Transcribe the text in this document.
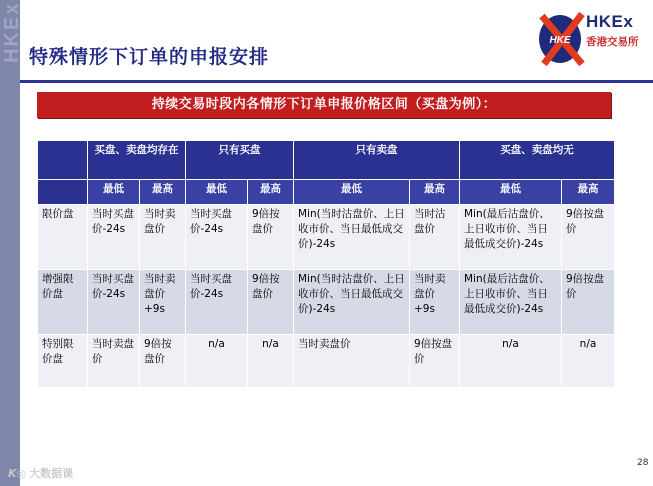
HKEx 特殊情形下订单的申报安排
HKE
HKEx
香港交易所
持续交易时段内各情形下订单申报价格区间（买盘为例）：
	买盘、卖盘均存在		只有买盘		只有卖盘		买盘、卖盘均无	
	最低	最高	最低	最高	最低	最高	最低	最高
限价盘	当时买盘价-24s	当时卖盘价	当时买盘价-24s	9倍按盘价	Min(当时沽盘价、上日收市价、当日最低成交价)-24s	当时沽盘价	Min(最后沽盘价、上日收市价、当日最低成交价)-24s	9倍按盘价
增强限价盘	当时买盘价-24s	当时卖盘价+9s	当时买盘价-24s	9倍按盘价	Min(当时沽盘价、上日收市价、当日最低成交价)-24s	当时卖盘价+9s	Min(最后沽盘价、上日收市价、当日最低成交价)-24s	9倍按盘价
特别限价盘	当时卖盘价	9倍按盘价	n/a	n/a	当时卖盘价	9倍按盘价	n/a	n/a
28
K◎ 大数据课
